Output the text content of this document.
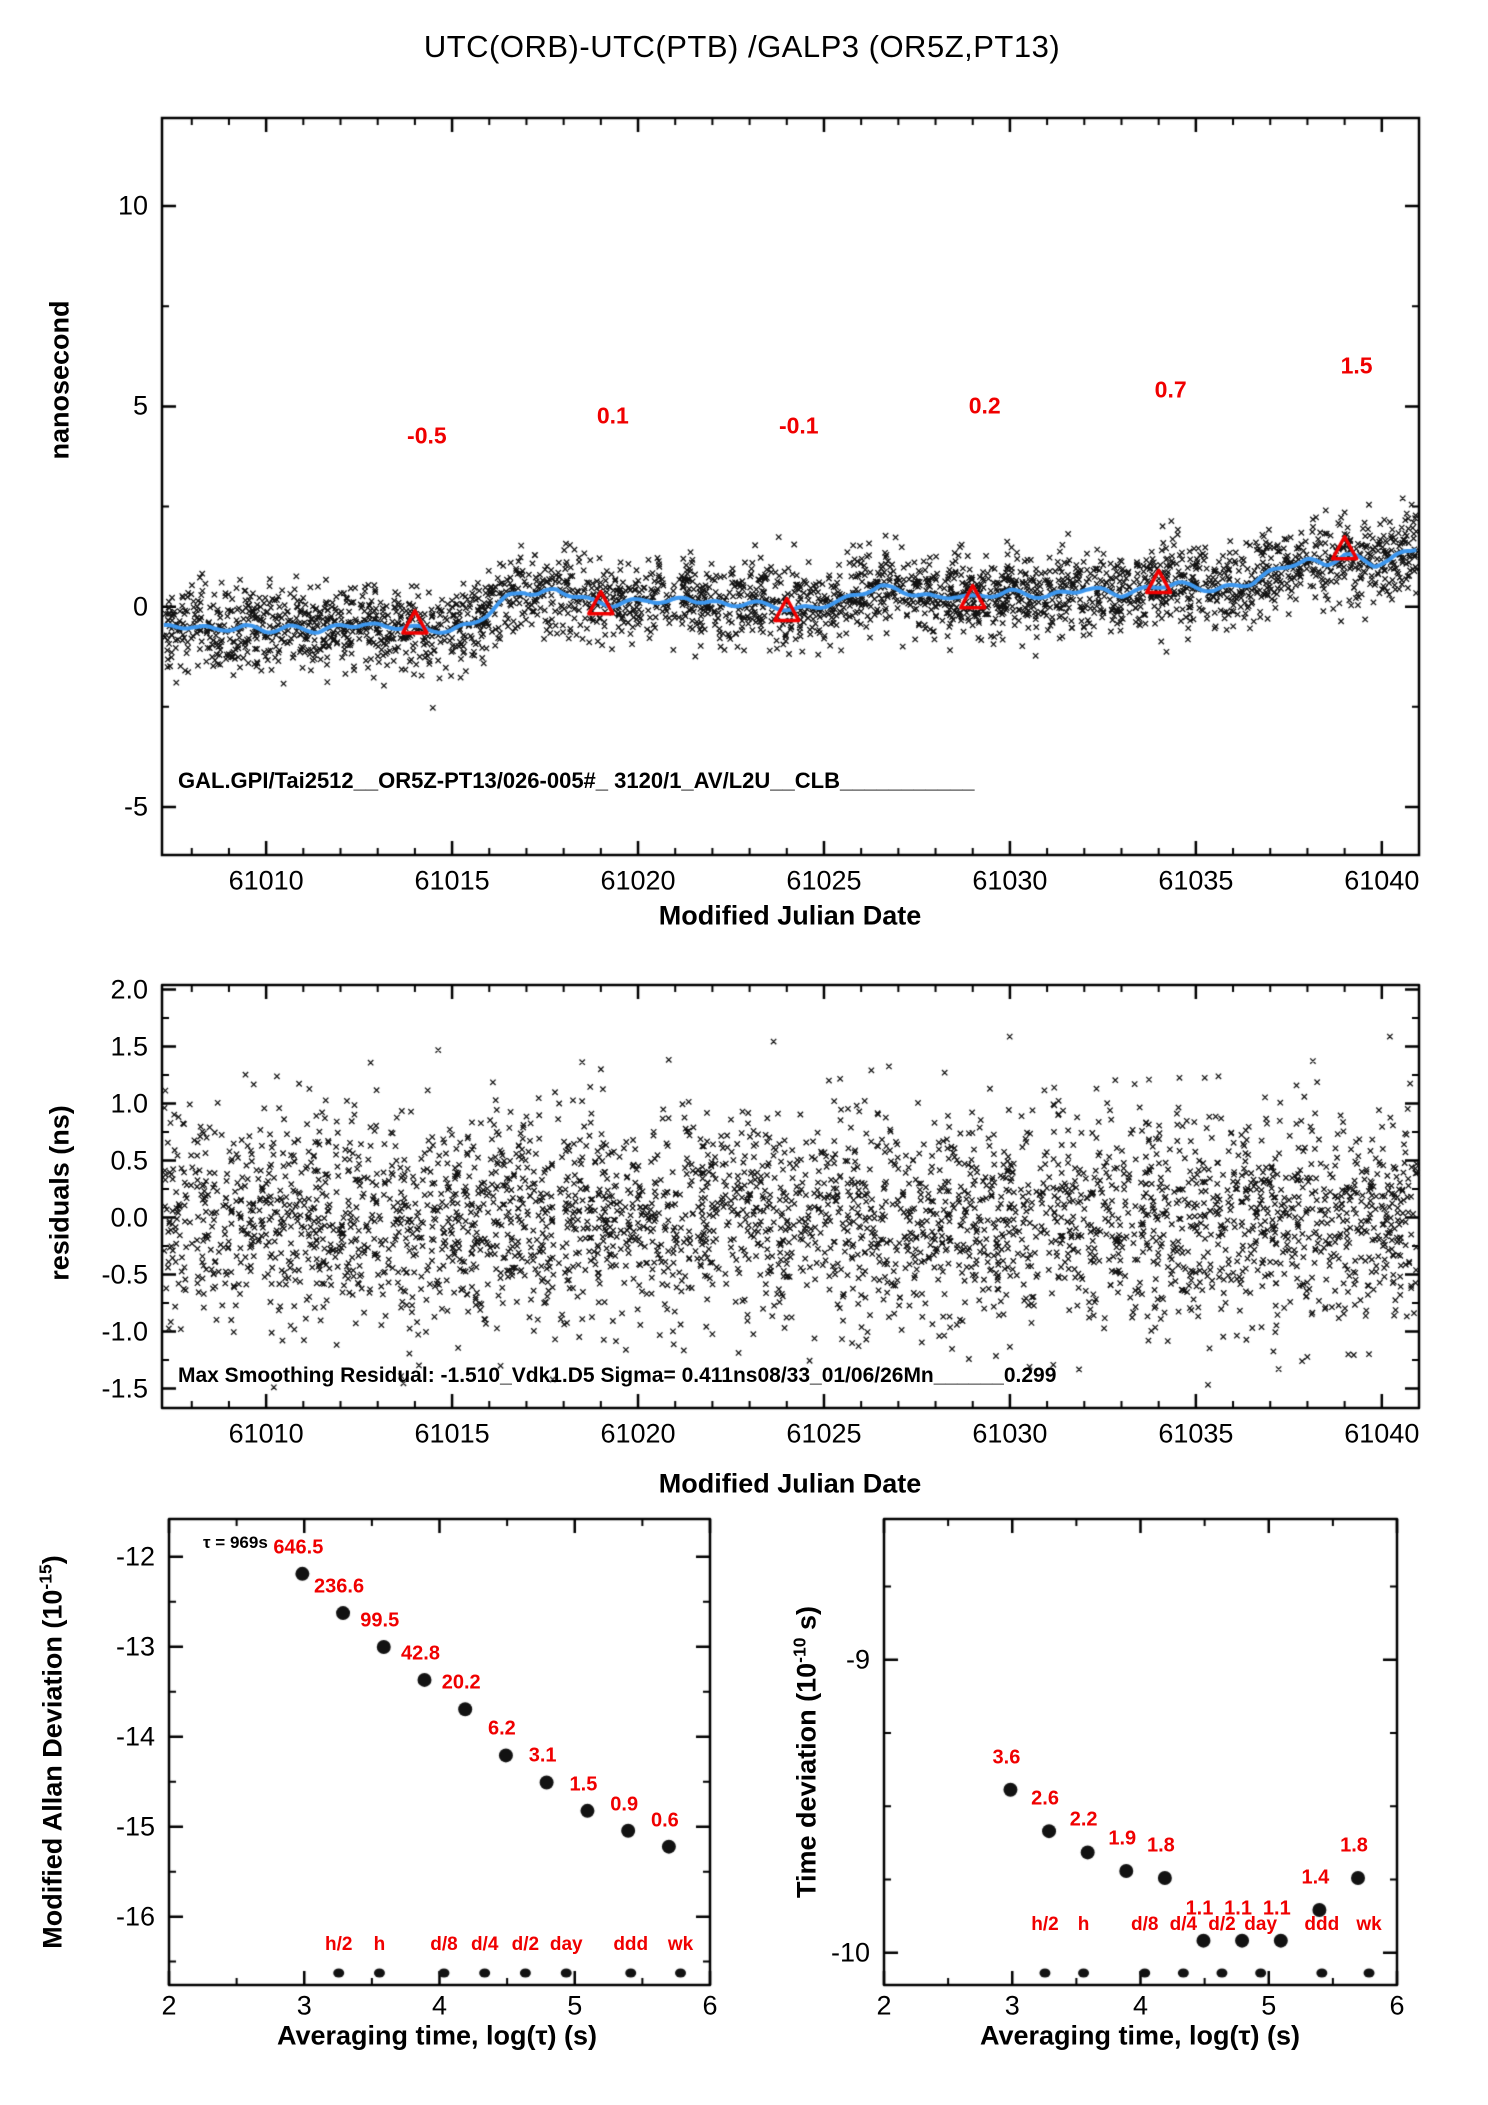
UTC(ORB)-UTC(PTB) /GALP3 (OR5Z,PT13)
nanosecond
Modified Julian Date
residuals (ns)
Modified Julian Date
Modified Allan Deviation $(10^{-15})$
Averaging time, log(τ) (s)
Time deviation ($10^{-10}$ s)
Averaging time, log(τ) (s)
GAL.GPI/Tai2512__OR5Z-PT13/026-005#_ 3120/1_AV/L2U__CLB___________
Max Smoothing Residual: -1.510_Vdk1.D5 Sigma= 0.411ns08/33_01/06/26Mn______0.299
τ = 969s
61010	61015	61020	61025	61030	61035	61040
-5
0
5
10
-0.5
0.1	-0.1
0.2
0.7
1.5
61010	61015	61020	61025	61030	61035	61040
2.0
1.5
1.0
0.5
0.0
-0.5
-1.0
-1.5
2	3	4	5	6
-12
-13
-14
-15
-16
646.5
236.6
99.5
42.8
20.2
6.2
3.1
1.5
0.9
0.6
h/2 h d/8 d/4 d/2 day ddd wk
2	3	4	5	6
-9
-10
3.6
2.6
2.2
1.9 1.8
1.1 1.1 1.1
1.4
1.8
h/2 h d/8 d/4 d/2 day ddd wk
